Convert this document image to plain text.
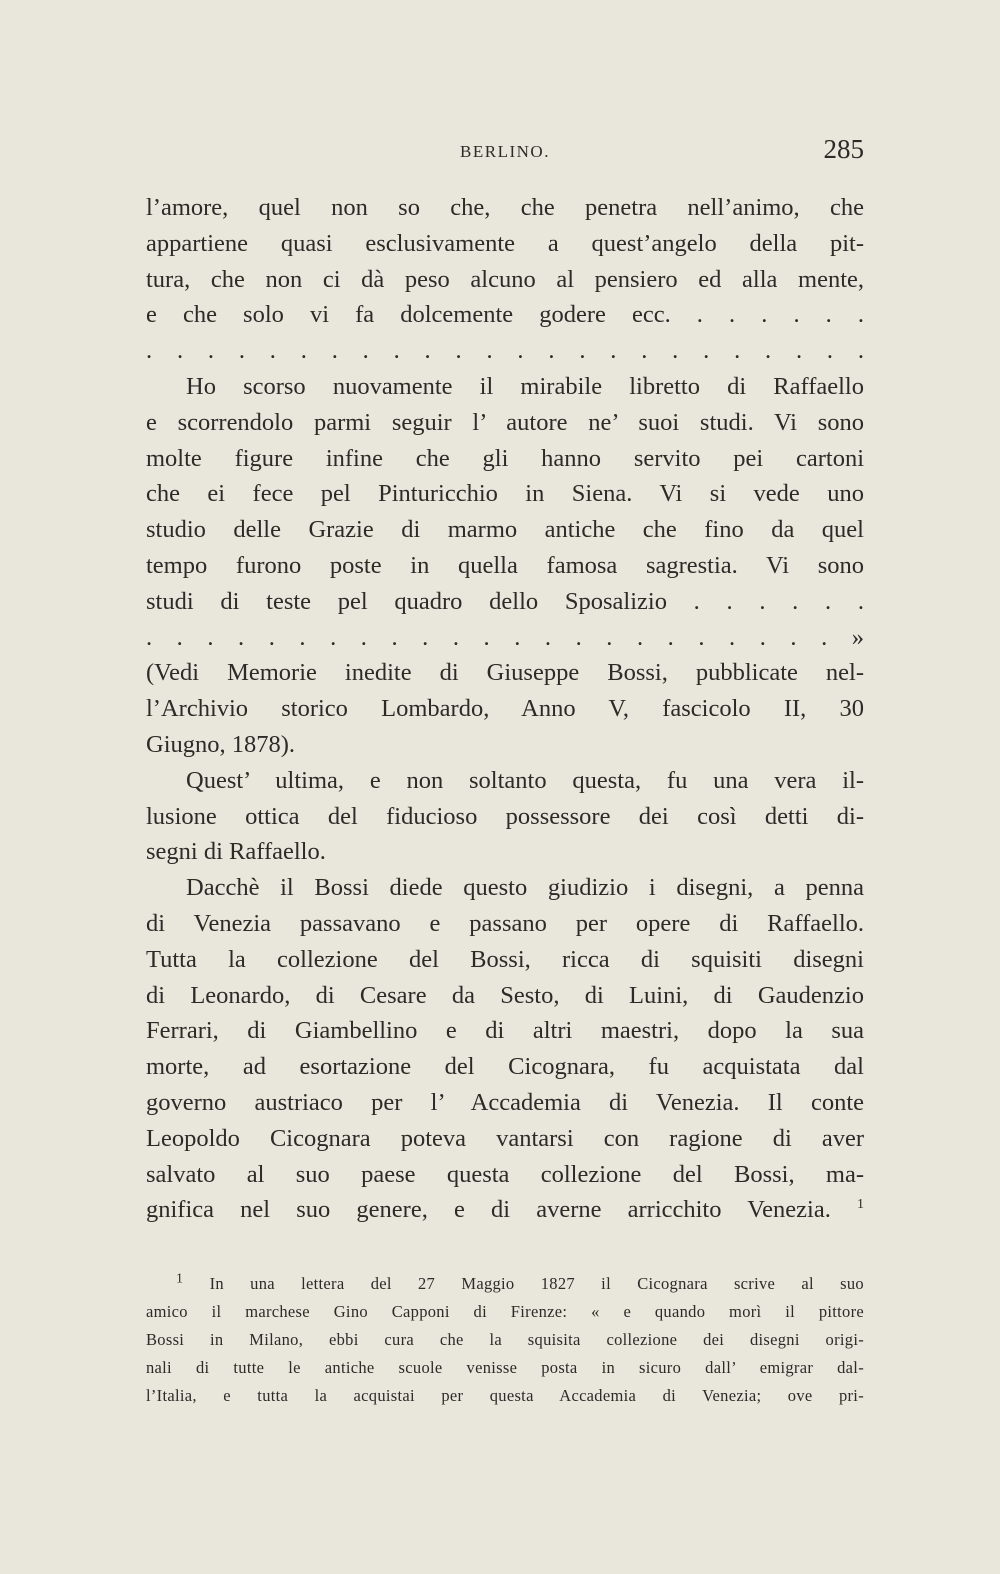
BERLINO.	285

l’amore, quel non so che, che penetra nell’animo, che

appartiene quasi esclusivamente a quest’angelo della pit-

tura, che non ci dà peso alcuno al pensiero ed alla mente,

e che solo vi fa dolcemente godere ecc. . . . . . .

. . . . . . . . . . . . . . . . . . . . . . . .

Ho scorso nuovamente il mirabile libretto di Raffaello

e scorrendolo parmi seguir l’ autore ne’ suoi studi. Vi sono

molte figure infine che gli hanno servito pei cartoni

che ei fece pel Pinturicchio in Siena. Vi si vede uno

studio delle Grazie di marmo antiche che fino da quel

tempo furono poste in quella famosa sagrestia. Vi sono

studi di teste pel quadro dello Sposalizio . . . . . .

. . . . . . . . . . . . . . . . . . . . . . . »

(Vedi Memorie inedite di Giuseppe Bossi, pubblicate nel-

l’Archivio storico Lombardo, Anno V, fascicolo II, 30

Giugno, 1878).

Quest’ ultima, e non soltanto questa, fu una vera il-

lusione ottica del fiducioso possessore dei così detti di-

segni di Raffaello.

Dacchè il Bossi diede questo giudizio i disegni, a penna

di Venezia passavano e passano per opere di Raffaello.

Tutta la collezione del Bossi, ricca di squisiti disegni

di Leonardo, di Cesare da Sesto, di Luini, di Gaudenzio

Ferrari, di Giambellino e di altri maestri, dopo la sua

morte, ad esortazione del Cicognara, fu acquistata dal

governo austriaco per l’ Accademia di Venezia. Il conte

Leopoldo Cicognara poteva vantarsi con ragione di aver

salvato al suo paese questa collezione del Bossi, ma-

gnifica nel suo genere, e di averne arricchito Venezia. $^1$

$^1$ In una lettera del 27 Maggio 1827 il Cicognara scrive al suo

amico il marchese Gino Capponi di Firenze: « e quando morì il pittore

Bossi in Milano, ebbi cura che la squisita collezione dei disegni origi-

nali di tutte le antiche scuole venisse posta in sicuro dall’ emigrar dal-

l’Italia, e tutta la acquistai per questa Accademia di Venezia; ove pri-
